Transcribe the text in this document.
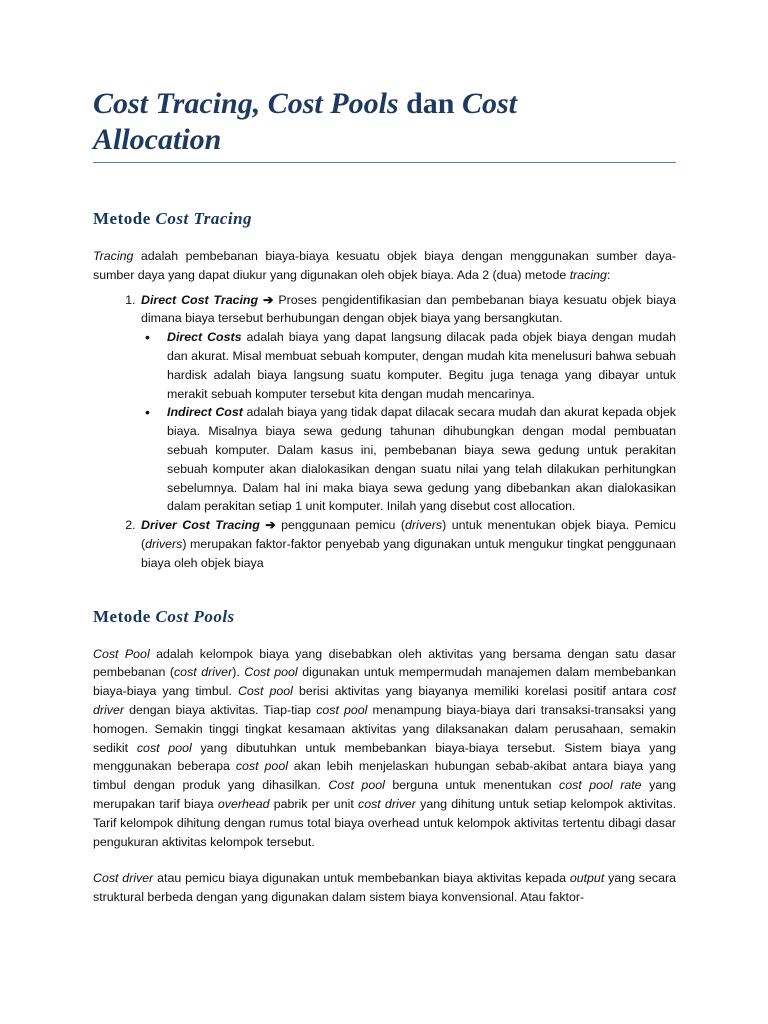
Cost Tracing, Cost Pools dan Cost
Allocation
Metode Cost Tracing

Tracing adalah pembebanan biaya-biaya kesuatu objek biaya dengan menggunakan sumber daya-sumber daya yang dapat diukur yang digunakan oleh objek biaya. Ada 2 (dua) metode tracing:

1. Direct Cost Tracing ➔ Proses pengidentifikasian dan pembebanan biaya kesuatu objek biaya dimana biaya tersebut berhubungan dengan objek biaya yang bersangkutan.
• Direct Costs adalah biaya yang dapat langsung dilacak pada objek biaya dengan mudah dan akurat. Misal membuat sebuah komputer, dengan mudah kita menelusuri bahwa sebuah hardisk adalah biaya langsung suatu komputer. Begitu juga tenaga yang dibayar untuk merakit sebuah komputer tersebut kita dengan mudah mencarinya.
• Indirect Cost adalah biaya yang tidak dapat dilacak secara mudah dan akurat kepada objek biaya. Misalnya biaya sewa gedung tahunan dihubungkan dengan modal pembuatan sebuah komputer. Dalam kasus ini, pembebanan biaya sewa gedung untuk perakitan sebuah komputer akan dialokasikan dengan suatu nilai yang telah dilakukan perhitungkan sebelumnya. Dalam hal ini maka biaya sewa gedung yang dibebankan akan dialokasikan dalam perakitan setiap 1 unit komputer. Inilah yang disebut cost allocation.
2. Driver Cost Tracing ➔ penggunaan pemicu (drivers) untuk menentukan objek biaya. Pemicu (drivers) merupakan faktor-faktor penyebab yang digunakan untuk mengukur tingkat penggunaan biaya oleh objek biaya
Metode Cost Pools

Cost Pool adalah kelompok biaya yang disebabkan oleh aktivitas yang bersama dengan satu dasar pembebanan (cost driver). Cost pool digunakan untuk mempermudah manajemen dalam membebankan biaya-biaya yang timbul. Cost pool berisi aktivitas yang biayanya memiliki korelasi positif antara cost driver dengan biaya aktivitas. Tiap-tiap cost pool menampung biaya-biaya dari transaksi-transaksi yang homogen. Semakin tinggi tingkat kesamaan aktivitas yang dilaksanakan dalam perusahaan, semakin sedikit cost pool yang dibutuhkan untuk membebankan biaya-biaya tersebut. Sistem biaya yang menggunakan beberapa cost pool akan lebih menjelaskan hubungan sebab-akibat antara biaya yang timbul dengan produk yang dihasilkan. Cost pool berguna untuk menentukan cost pool rate yang merupakan tarif biaya overhead pabrik per unit cost driver yang dihitung untuk setiap kelompok aktivitas. Tarif kelompok dihitung dengan rumus total biaya overhead untuk kelompok aktivitas tertentu dibagi dasar pengukuran aktivitas kelompok tersebut.

Cost driver atau pemicu biaya digunakan untuk membebankan biaya aktivitas kepada output yang secara struktural berbeda dengan yang digunakan dalam sistem biaya konvensional. Atau faktor-
